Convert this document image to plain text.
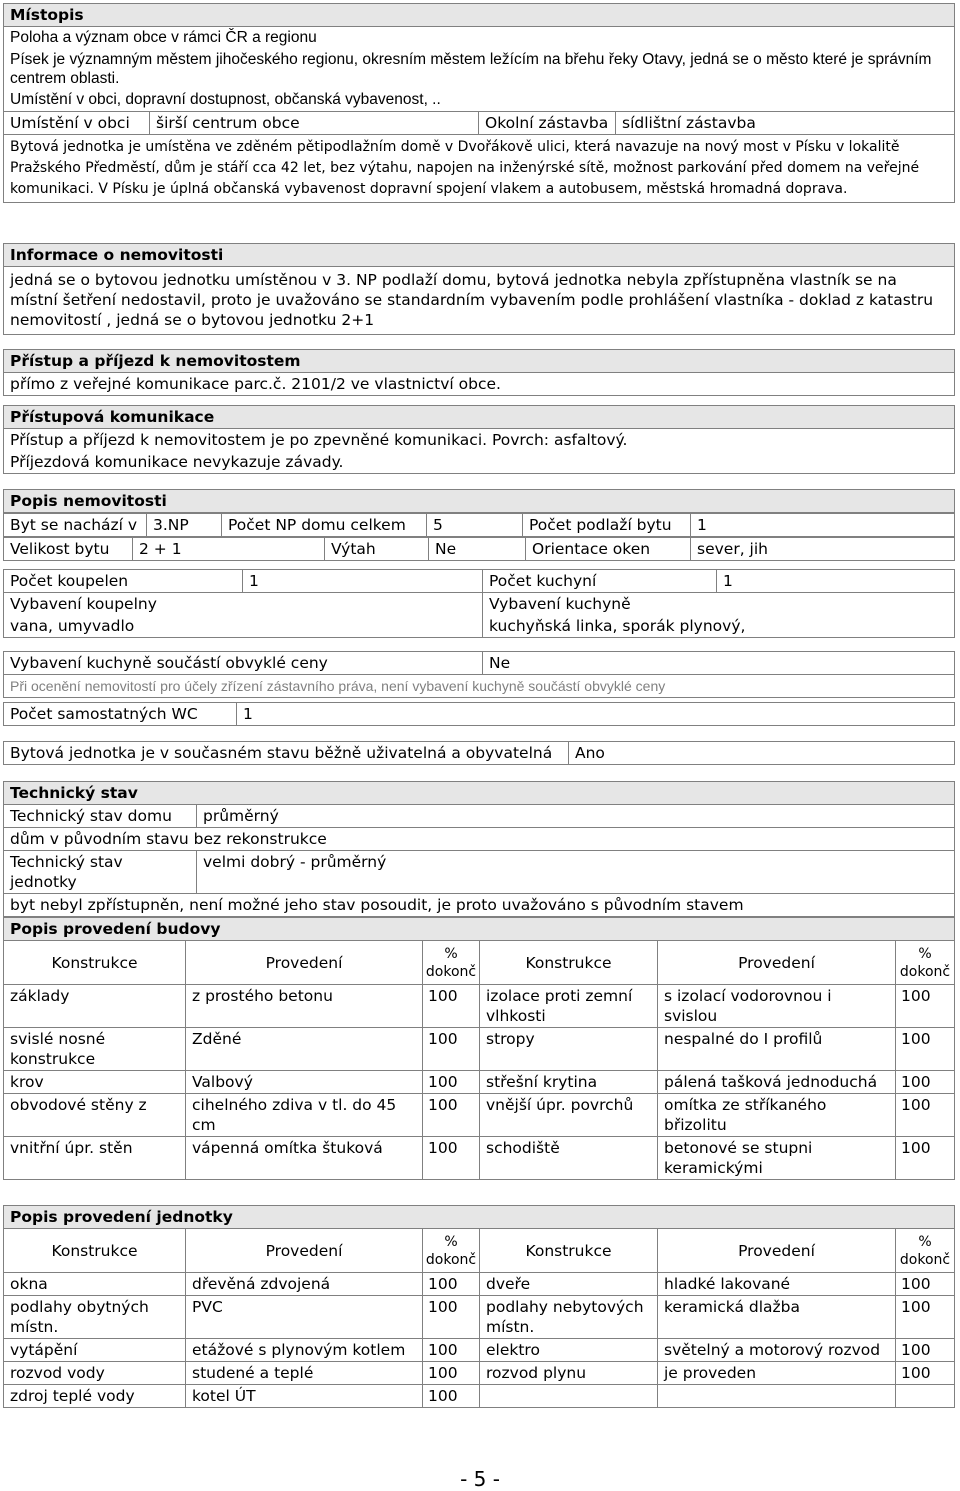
Místopis
Poloha a význam obce v rámci ČR a regionu
Písek je významným městem jihočeského regionu, okresním městem ležícím na břehu řeky Otavy, jedná se o město které je správním centrem oblasti.
Umístění v obci, dopravní dostupnost, občanská vybavenost, ..
Umístění v obci	širší centrum obce	Okolní zástavba	sídlištní zástavba
Bytová jednotka je umístěna ve zděném pětipodlažním domě v Dvořákově ulici, která navazuje na nový most v Písku v lokalitě Pražského Předměstí, dům je stáří cca 42 let, bez výtahu, napojen na inženýrské sítě, možnost parkování před domem na veřejné komunikaci. V Písku je úplná občanská vybavenost dopravní spojení vlakem a autobusem, městská hromadná doprava.
Informace o nemovitosti
jedná se o bytovou jednotku umístěnou v 3. NP podlaží domu, bytová jednotka nebyla zpřístupněna vlastník se na místní šetření nedostavil, proto je uvažováno se standardním vybavením podle prohlášení vlastníka - doklad z katastru nemovitostí , jedná se o bytovou jednotku 2+1
Přístup a příjezd k nemovitostem
přímo z veřejné komunikace parc.č. 2101/2 ve vlastnictví obce.
Přístupová komunikace
Přístup a příjezd k nemovitostem je po zpevněné komunikaci. Povrch: asfaltový.
Příjezdová komunikace nevykazuje závady.
Popis nemovitosti
Byt se nachází v	3.NP	Počet NP domu celkem	5	Počet podlaží bytu	1
Velikost bytu	2 + 1	Výtah	Ne	Orientace oken	sever, jih
Počet koupelen	1	Počet kuchyní	1
Vybavení koupelny		Vybavení kuchyně	
vana, umyvadlo		kuchyňská linka, sporák plynový,	
Vybavení kuchyně součástí obvyklé ceny	Ne
Při ocenění nemovitostí pro účely zřízení zástavního práva, není vybavení kuchyně součástí obvyklé ceny
Počet samostatných WC	1
Bytová jednotka je v současném stavu běžně uživatelná a obyvatelná	Ano
Technický stav	
Technický stav domu	průměrný
dům v původním stavu bez rekonstrukce	
Technický stav jednotky	velmi dobrý - průměrný
byt nebyl zpřístupněn, není možné jeho stav posoudit, je proto uvažováno s původním stavem	
Popis provedení budovy					
Konstrukce	Provedení	% dokonč	Konstrukce	Provedení	% dokonč
základy	z prostého betonu	100	izolace proti zemní vlhkosti	s izolací vodorovnou i svislou	100
svislé nosné konstrukce	Zděné	100	stropy	nespalné do I profilů	100
krov	Valbový	100	střešní krytina	pálená tašková jednoduchá	100
obvodové stěny z	cihelného zdiva v tl. do 45 cm	100	vnější úpr. povrchů	omítka ze stříkaného břizolitu	100
vnitřní úpr. stěn	vápenná omítka štuková	100	schodiště	betonové se stupni keramickými	100
Popis provedení jednotky					
Konstrukce	Provedení	% dokonč	Konstrukce	Provedení	% dokonč
okna	dřevěná zdvojená	100	dveře	hladké lakované	100
podlahy obytných místn.	PVC	100	podlahy nebytových místn.	keramická dlažba	100
vytápění	etážové s plynovým kotlem	100	elektro	světelný a motorový rozvod	100
rozvod vody	studené a teplé	100	rozvod plynu	je proveden	100
zdroj teplé vody	kotel ÚT	100			
- 5 -
